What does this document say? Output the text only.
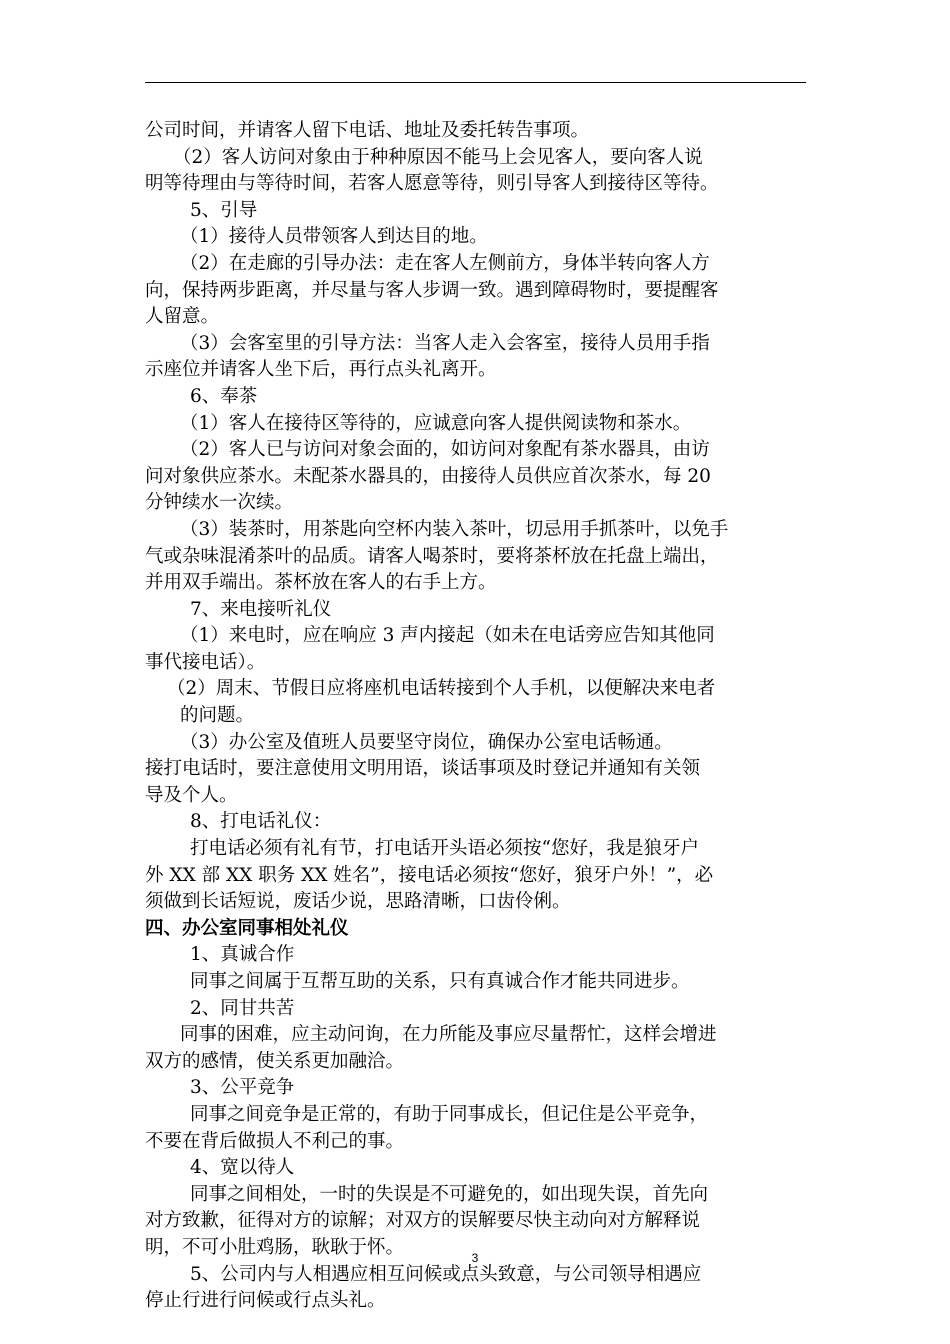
公司时间，并请客人留下电话、地址及委托转告事项。
（2）客人访问对象由于种种原因不能马上会见客人，要向客人说
明等待理由与等待时间，若客人愿意等待，则引导客人到接待区等待。
5、引导
（1）接待人员带领客人到达目的地。
（2）在走廊的引导办法：走在客人左侧前方，身体半转向客人方
向，保持两步距离，并尽量与客人步调一致。遇到障碍物时，要提醒客
人留意。
（3）会客室里的引导方法：当客人走入会客室，接待人员用手指
示座位并请客人坐下后，再行点头礼离开。
6、奉茶
（1）客人在接待区等待的，应诚意向客人提供阅读物和茶水。
（2）客人已与访问对象会面的，如访问对象配有茶水器具，由访
问对象供应茶水。未配茶水器具的，由接待人员供应首次茶水，每 20
分钟续水一次续。
（3）装茶时，用茶匙向空杯内装入茶叶，切忌用手抓茶叶，以免手
气或杂味混淆茶叶的品质。请客人喝茶时，要将茶杯放在托盘上端出，
并用双手端出。茶杯放在客人的右手上方。
7、来电接听礼仪
（1）来电时，应在响应 3 声内接起（如未在电话旁应告知其他同
事代接电话）。
（2）周末、节假日应将座机电话转接到个人手机，以便解决来电者
的问题。
（3）办公室及值班人员要坚守岗位，确保办公室电话畅通。
接打电话时，要注意使用文明用语，谈话事项及时登记并通知有关领
导及个人。
8、打电话礼仪：
打电话必须有礼有节，打电话开头语必须按“您好，我是狼牙户
外 XX 部 XX 职务 XX 姓名”，接电话必须按“您好，狼牙户外！”，必
须做到长话短说，废话少说，思路清晰，口齿伶俐。
四、办公室同事相处礼仪
1、真诚合作
同事之间属于互帮互助的关系，只有真诚合作才能共同进步。
2、同甘共苦
同事的困难，应主动问询，在力所能及事应尽量帮忙，这样会增进
双方的感情，使关系更加融洽。
3、公平竞争
同事之间竞争是正常的，有助于同事成长，但记住是公平竞争，
不要在背后做损人不利己的事。
4、宽以待人
同事之间相处，一时的失误是不可避免的，如出现失误，首先向
对方致歉，征得对方的谅解；对双方的误解要尽快主动向对方解释说
明，不可小肚鸡肠，耿耿于怀。
5、公司内与人相遇应相互问候或点头致意，与公司领导相遇应
停止行进行问候或行点头礼。
3
